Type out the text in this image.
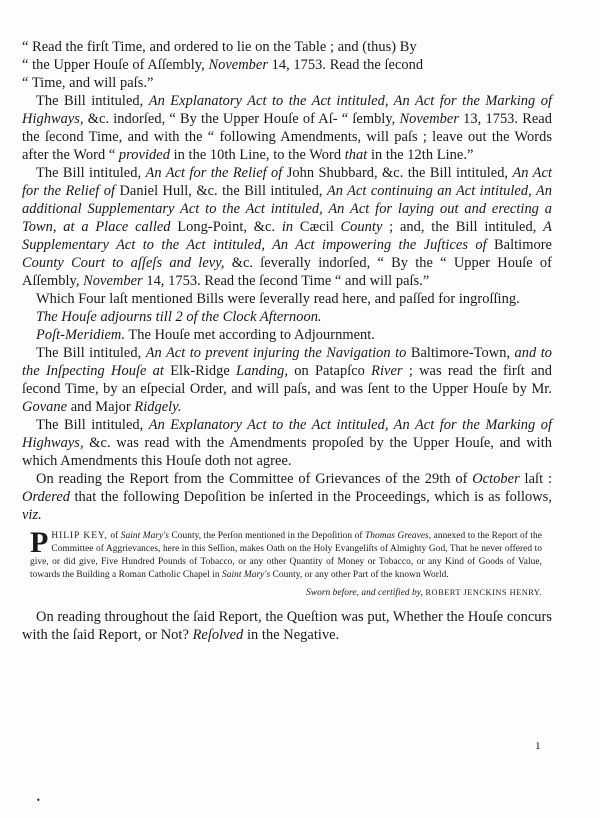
“ Read the firſt Time, and ordered to lie on the Table ; and (thus) By
“ the Upper Houſe of Aſſembly, November 14, 1753. Read the ſecond
“ Time, and will paſs.”

The Bill intituled, An Explanatory Act to the Act intituled, An Act for the Marking of Highways, &c. indorſed, “ By the Upper Houſe of Aſ- “ ſembly, November 13, 1753. Read the ſecond Time, and with the “ following Amendments, will paſs ; leave out the Words after the Word “ provided in the 10th Line, to the Word that in the 12th Line.”

The Bill intituled, An Act for the Relief of John Shubbard, &c. the Bill intituled, An Act for the Relief of Daniel Hull, &c. the Bill intituled, An Act continuing an Act intituled, An additional Supplementary Act to the Act intituled, An Act for laying out and erecting a Town, at a Place called Long-Point, &c. in Cæcil County ; and, the Bill intituled, A Supplementary Act to the Act intituled, An Act impowering the Juſtices of Baltimore County Court to aſſeſs and levy, &c. ſeverally indorſed, “ By the “ Upper Houſe of Aſſembly, November 14, 1753. Read the ſecond Time “ and will paſs.”

Which Four laſt mentioned Bills were ſeverally read here, and paſſed for ingroſſing.

The Houſe adjourns till 2 of the Clock Afternoon.

Poſt-Meridiem. The Houſe met according to Adjournment.

The Bill intituled, An Act to prevent injuring the Navigation to Baltimore-Town, and to the Inſpecting Houſe at Elk-Ridge Landing, on Patapſco River ; was read the firſt and ſecond Time, by an eſpecial Order, and will paſs, and was ſent to the Upper Houſe by Mr. Govane and Major Ridgely.

The Bill intituled, An Explanatory Act to the Act intituled, An Act for the Marking of Highways, &c. was read with the Amendments propoſed by the Upper Houſe, and with which Amendments this Houſe doth not agree.

On reading the Report from the Committee of Grievances of the 29th of October laſt : Ordered that the following Depoſition be inſerted in the Proceedings, which is as follows, viz.

PHILIP KEY, of Saint Mary's County, the Perſon mentioned in the Depoſition of Thomas Greaves, annexed to the Report of the Committee of Aggrievances, here in this Seſſion, makes Oath on the Holy Evangeliſts of Almighty God, That he never offered to give, or did give, Five Hundred Pounds of Tobacco, or any other Quantity of Money or Tobacco, or any Kind of Goods of Value, towards the Building a Roman Catholic Chapel in Saint Mary's County, or any other Part of the known World.
Sworn before, and certified by, ROBERT JENCKINS HENRY.

On reading throughout the ſaid Report, the Queſtion was put, Whether the Houſe concurs with the ſaid Report, or Not? Reſolved in the Negative.

ı
•
